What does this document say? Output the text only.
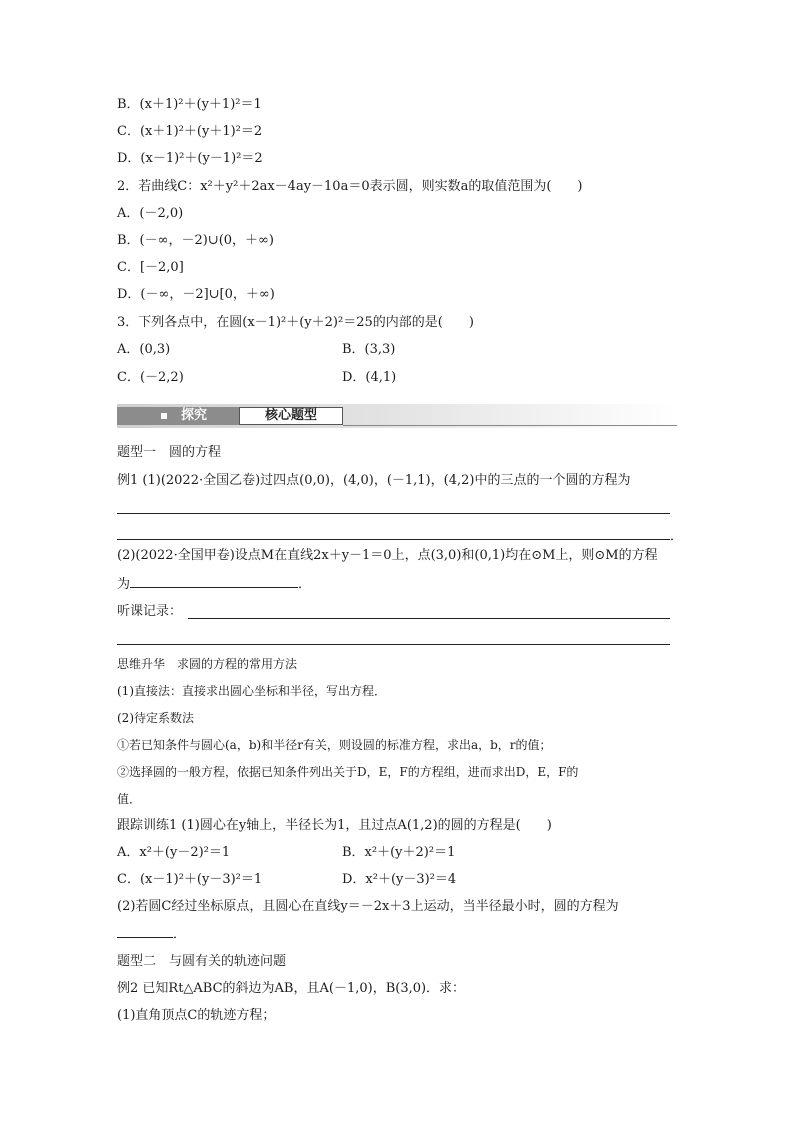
B．(x＋1)²＋(y＋1)²＝1
C．(x＋1)²＋(y＋1)²＝2
D．(x－1)²＋(y－1)²＝2
2．若曲线C：x²＋y²＋2ax－4ay－10a＝0表示圆，则实数a的取值范围为(　　)
A．(－2,0)
B．(－∞，－2)∪(0，＋∞)
C．[－2,0]
D．(－∞，－2]∪[0，＋∞)
3．下列各点中，在圆(x－1)²＋(y＋2)²＝25的内部的是(　　)
A．(0,3)	B．(3,3)
C．(－2,2)	D．(4,1)
探究	核心题型
题型一　圆的方程
例1 (1)(2022·全国乙卷)过四点(0,0)，(4,0)，(－1,1)，(4,2)中的三点的一个圆的方程为
．
(2)(2022·全国甲卷)设点M在直线2x＋y－1＝0上，点(3,0)和(0,1)均在⊙M上，则⊙M的方程
为	．
听课记录：
思维升华　求圆的方程的常用方法
(1)直接法：直接求出圆心坐标和半径，写出方程．
(2)待定系数法
①若已知条件与圆心(a，b)和半径r有关，则设圆的标准方程，求出a，b，r的值；
②选择圆的一般方程，依据已知条件列出关于D，E，F的方程组，进而求出D，E，F的
值．
跟踪训练1 (1)圆心在y轴上，半径长为1，且过点A(1,2)的圆的方程是(　　)
A．x²＋(y－2)²＝1	B．x²＋(y＋2)²＝1
C．(x－1)²＋(y－3)²＝1	D．x²＋(y－3)²＝4
(2)若圆C经过坐标原点，且圆心在直线y＝－2x＋3上运动，当半径最小时，圆的方程为
．
题型二　与圆有关的轨迹问题
例2 已知Rt△ABC的斜边为AB，且A(－1,0)，B(3,0)．求：
(1)直角顶点C的轨迹方程；
